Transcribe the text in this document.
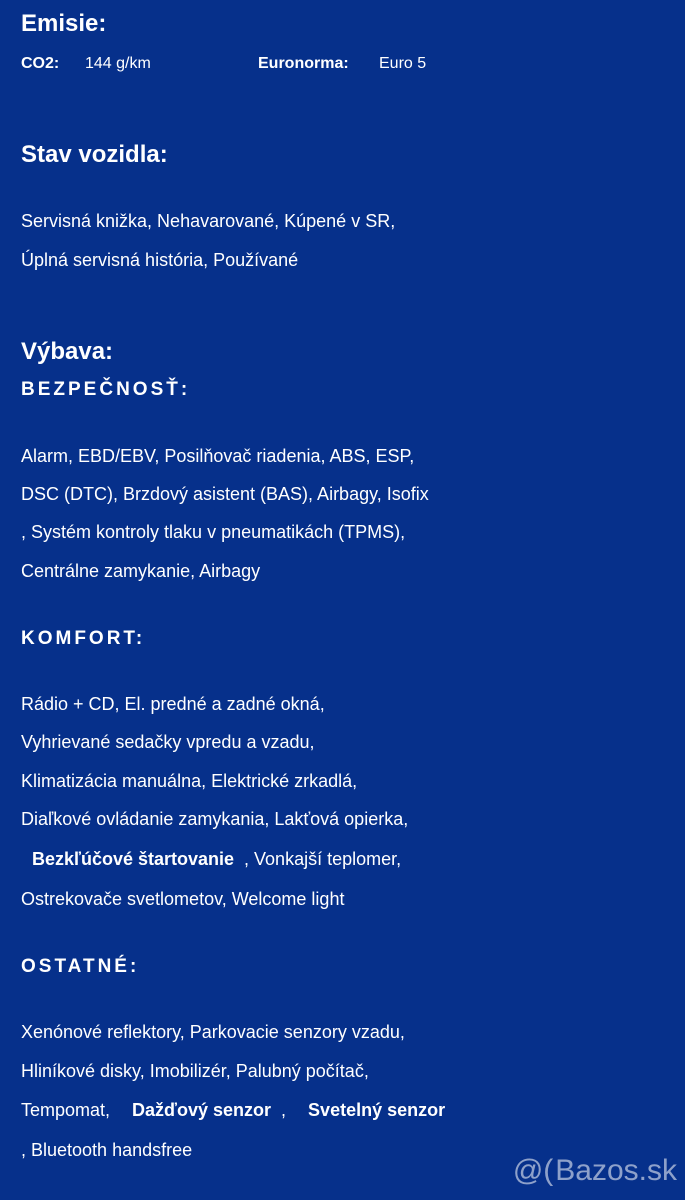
Emisie:
CO2: 144 g/km	Euronorma: Euro 5
Stav vozidla:
Servisná knižka, Nehavarované, Kúpené v SR,
Úplná servisná história, Používané
Výbava:
BEZPEČNOSŤ:
Alarm, EBD/EBV, Posilňovač riadenia, ABS, ESP,
DSC (DTC), Brzdový asistent (BAS), Airbagy, Isofix
, Systém kontroly tlaku v pneumatikách (TPMS),
Centrálne zamykanie, Airbagy
KOMFORT:
Rádio + CD, El. predné a zadné okná,
Vyhrievané sedačky vpredu a vzadu,
Klimatizácia manuálna, Elektrické zrkadlá,
Diaľkové ovládanie zamykania, Lakťová opierka,
Bezkľúčové štartovanie , Vonkajší teplomer,
Ostrekovače svetlometov, Welcome light
OSTATNÉ:
Xenónové reflektory, Parkovacie senzory vzadu,
Hliníkové disky, Imobilizér, Palubný počítač,
Tempomat, Dažďový senzor , Svetelný senzor
, Bluetooth handsfree
@( Bazos.sk
